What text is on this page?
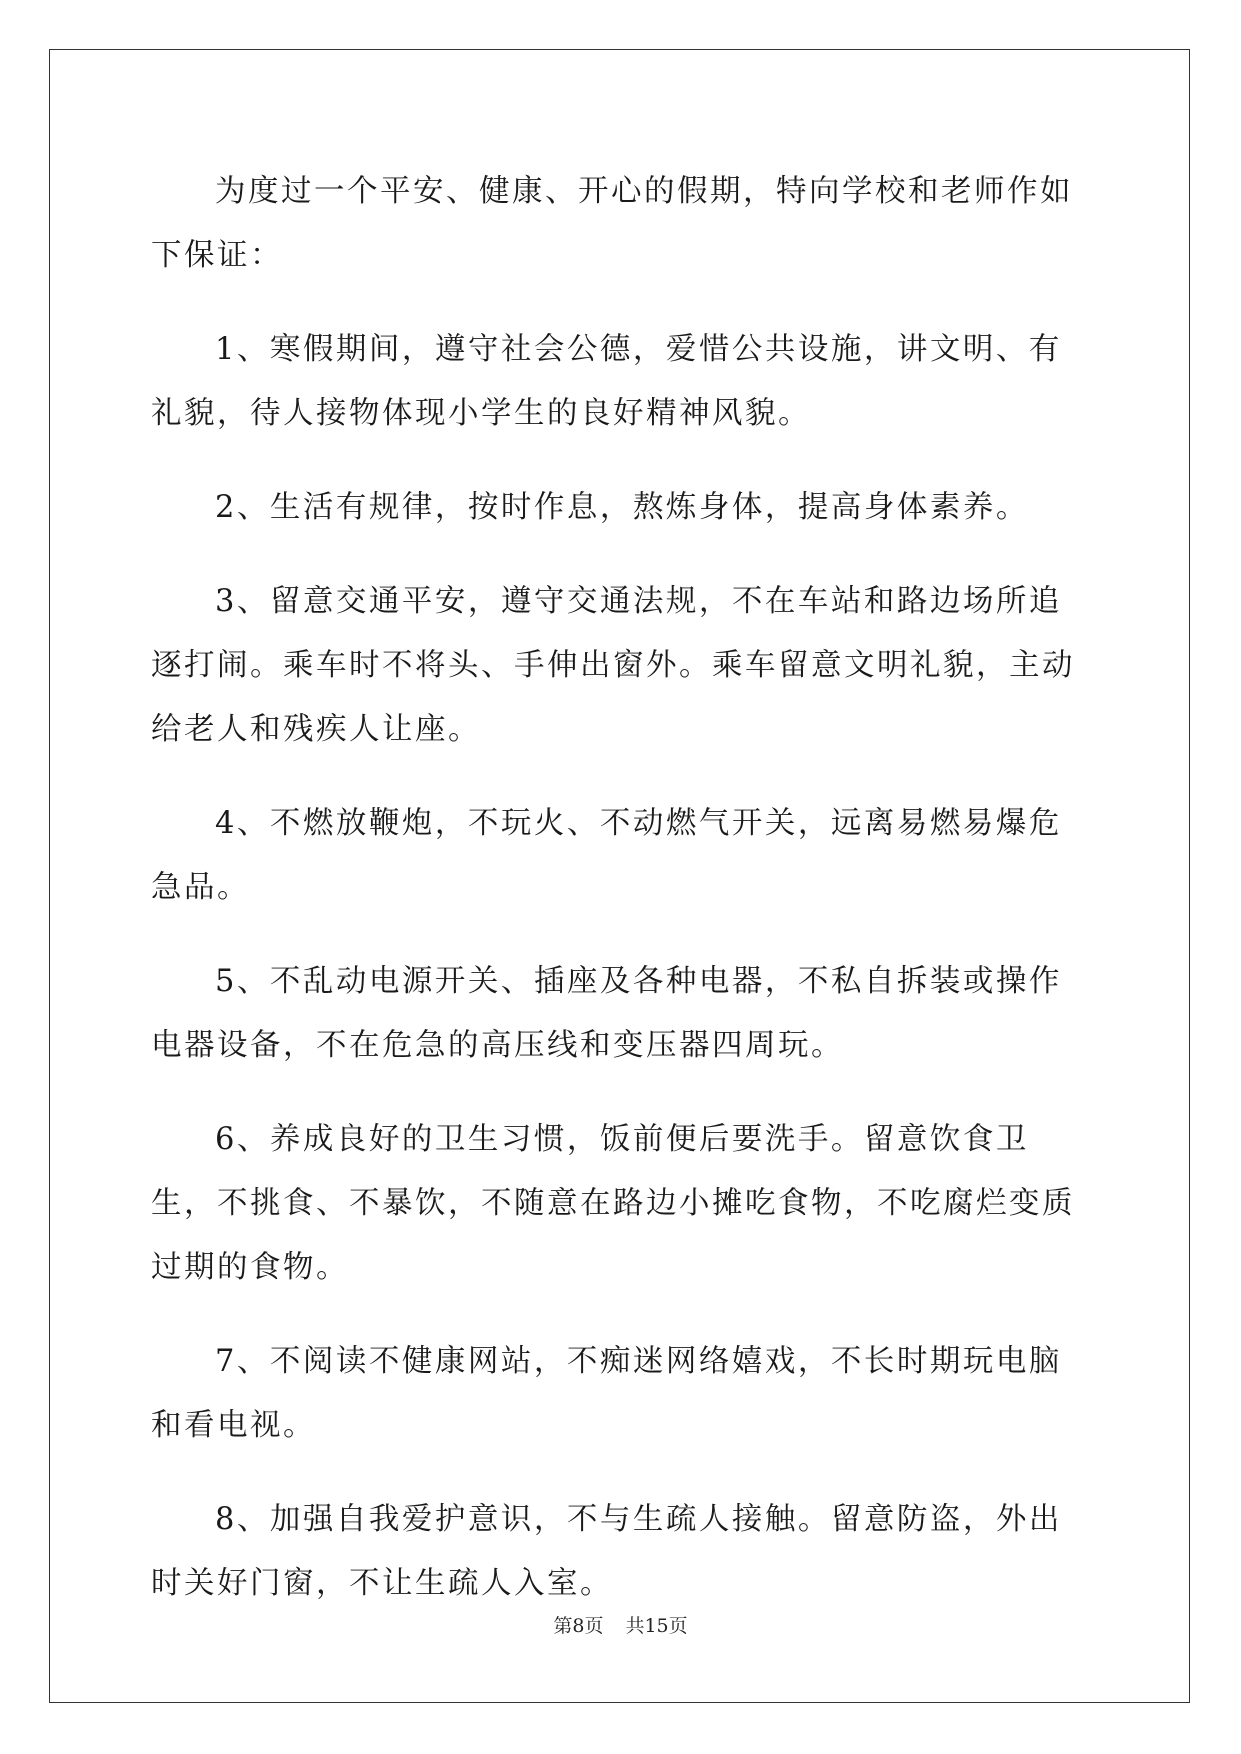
为度过一个平安、健康、开心的假期，特向学校和老师作如下保证：

1、寒假期间，遵守社会公德，爱惜公共设施，讲文明、有礼貌，待人接物体现小学生的良好精神风貌。

2、生活有规律，按时作息，熬炼身体，提高身体素养。

3、留意交通平安，遵守交通法规，不在车站和路边场所追逐打闹。乘车时不将头、手伸出窗外。乘车留意文明礼貌，主动给老人和残疾人让座。

4、不燃放鞭炮，不玩火、不动燃气开关，远离易燃易爆危急品。

5、不乱动电源开关、插座及各种电器，不私自拆装或操作电器设备，不在危急的高压线和变压器四周玩。

6、养成良好的卫生习惯，饭前便后要洗手。留意饮食卫生，不挑食、不暴饮，不随意在路边小摊吃食物，不吃腐烂变质过期的食物。

7、不阅读不健康网站，不痴迷网络嬉戏，不长时期玩电脑和看电视。

8、加强自我爱护意识，不与生疏人接触。留意防盗，外出时关好门窗，不让生疏人入室。

第8页 共15页
